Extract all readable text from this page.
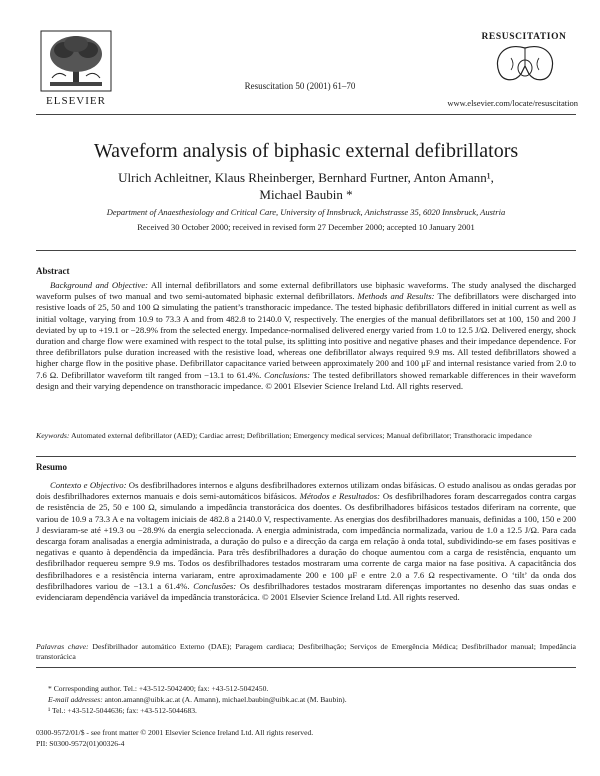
ELSEVIER
Resuscitation 50 (2001) 61–70
RESUSCITATION
www.elsevier.com/locate/resuscitation
Waveform analysis of biphasic external defibrillators
Ulrich Achleitner, Klaus Rheinberger, Bernhard Furtner, Anton Amann¹,
Michael Baubin *
Department of Anaesthesiology and Critical Care, University of Innsbruck, Anichstrasse 35, 6020 Innsbruck, Austria
Received 30 October 2000; received in revised form 27 December 2000; accepted 10 January 2001
Abstract
Background and Objective: All internal defibrillators and some external defibrillators use biphasic waveforms. The study analysed the discharged waveform pulses of two manual and two semi-automated biphasic external defibrillators. Methods and Results: The defibrillators were discharged into resistive loads of 25, 50 and 100 Ω simulating the patient’s transthoracic impedance. The tested biphasic defibrillators differed in initial current as well as initial voltage, varying from 10.9 to 73.3 A and from 482.8 to 2140.0 V, respectively. The energies of the manual defibrillators set at 100, 150 and 200 J deviated by up to +19.1 or −28.9% from the selected energy. Impedance-normalised delivered energy varied from 1.0 to 12.5 J/Ω. Delivered energy, shock duration and charge flow were examined with respect to the total pulse, its splitting into positive and negative phases and their impedance dependence. For three defibrillators pulse duration increased with the resistive load, whereas one defibrillator always required 9.9 ms. All tested defibrillators showed a higher charge flow in the positive phase. Defibrillator capacitance varied between approximately 200 and 100 μF and internal resistance varied from 2.0 to 7.6 Ω. Defibrillator waveform tilt ranged from −13.1 to 61.4%. Conclusions: The tested defibrillators showed remarkable differences in their waveform design and their varying dependence on transthoracic impedance. © 2001 Elsevier Science Ireland Ltd. All rights reserved.
Keywords: Automated external defibrillator (AED); Cardiac arrest; Defibrillation; Emergency medical services; Manual defibrillator; Transthoracic impedance
Resumo
Contexto e Objectivo: Os desfibrilhadores internos e alguns desfibrilhadores externos utilizam ondas bifásicas. O estudo analisou as ondas geradas por dois desfibrilhadores externos manuais e dois semi-automáticos bifásicos. Métodos e Resultados: Os desfibrilhadores foram descarregados contra cargas de resistência de 25, 50 e 100 Ω, simulando a impedância transtorácica dos doentes. Os desfibrilhadores bifásicos testados diferiram na corrente, que variou de 10.9 a 73.3 A e na voltagem iniciais de 482.8 a 2140.0 V, respectivamente. As energias dos desfibrilhadores manuais, definidas a 100, 150 e 200 J desviaram-se até +19.3 ou −28.9% da energia seleccionada. A energia administrada, com impedância normalizada, variou de 1.0 a 12.5 J/Ω. Para cada descarga foram analisadas a energia administrada, a duração do pulso e a direcção da carga em relação à onda total, subdividindo-se em fases positivas e negativas e quanto à dependência da impedância. Para três desfibrilhadores a duração do choque aumentou com a carga de resistência, enquanto um desfibrilhador requereu sempre 9.9 ms. Todos os desfibrilhadores testados mostraram uma corrente de carga maior na fase positiva. A capacitância dos desfibrilhadores e a resistência interna variaram, entre aproximadamente 200 e 100 μF e entre 2.0 a 7.6 Ω respectivamente. O ‘tilt’ da onda dos desfibrilhadores variou de −13.1 a 61.4%. Conclusões: Os desfibrilhadores testados mostraram diferenças importantes no desenho das suas ondas e evidenciaram dependência variável da impedância transtorácica. © 2001 Elsevier Science Ireland Ltd. All rights reserved.
Palavras chave: Desfibrilhador automático Externo (DAE); Paragem cardiaca; Desfibrilhação; Serviços de Emergência Médica; Desfibrilhador manual; Impedância transtorácica
* Corresponding author. Tel.: +43-512-5042400; fax: +43-512-5042450.
E-mail addresses: anton.amann@uibk.ac.at (A. Amann), michael.baubin@uibk.ac.at (M. Baubin).
¹ Tel.: +43-512-5044636; fax: +43-512-5044683.
0300-9572/01/$ - see front matter © 2001 Elsevier Science Ireland Ltd. All rights reserved.
PII: S0300-9572(01)00326-4
